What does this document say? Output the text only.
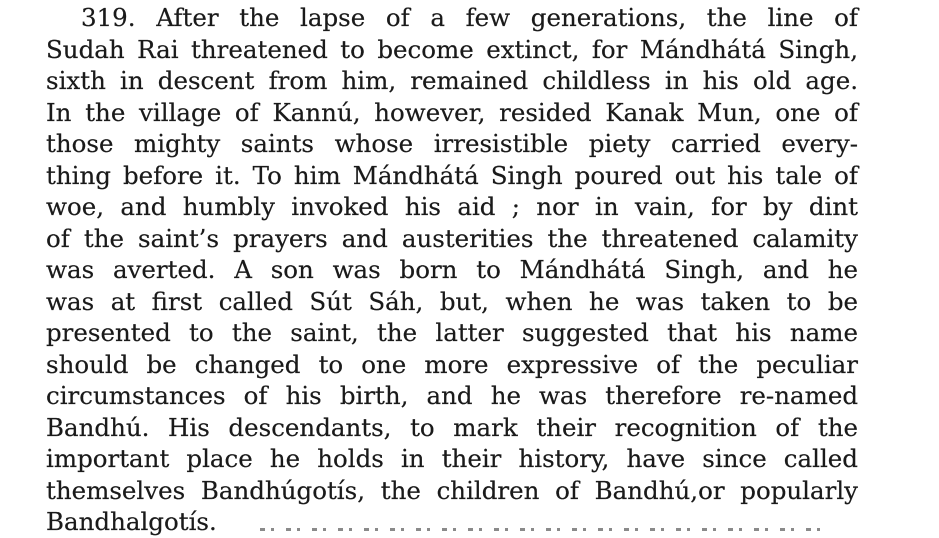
319. After the lapse of a few generations, the line of
Sudah Rai threatened to become extinct, for Mándhátá Singh,
sixth in descent from him, remained childless in his old age.
In the village of Kannú, however, resided Kanak Mun, one of
those mighty saints whose irresistible piety carried every-
thing before it. To him Mándhátá Singh poured out his tale of
woe, and humbly invoked his aid ; nor in vain, for by dint
of the saint’s prayers and austerities the threatened calamity
was averted. A son was born to Mándhátá Singh, and he
was at first called Sút Sáh, but, when he was taken to be
presented to the saint, the latter suggested that his name
should be changed to one more expressive of the peculiar
circumstances of his birth, and he was therefore re-named
Bandhú. His descendants, to mark their recognition of the
important place he holds in their history, have since called
themselves Bandhúgotís, the children of Bandhú,or popularly
Bandhalgotís.
